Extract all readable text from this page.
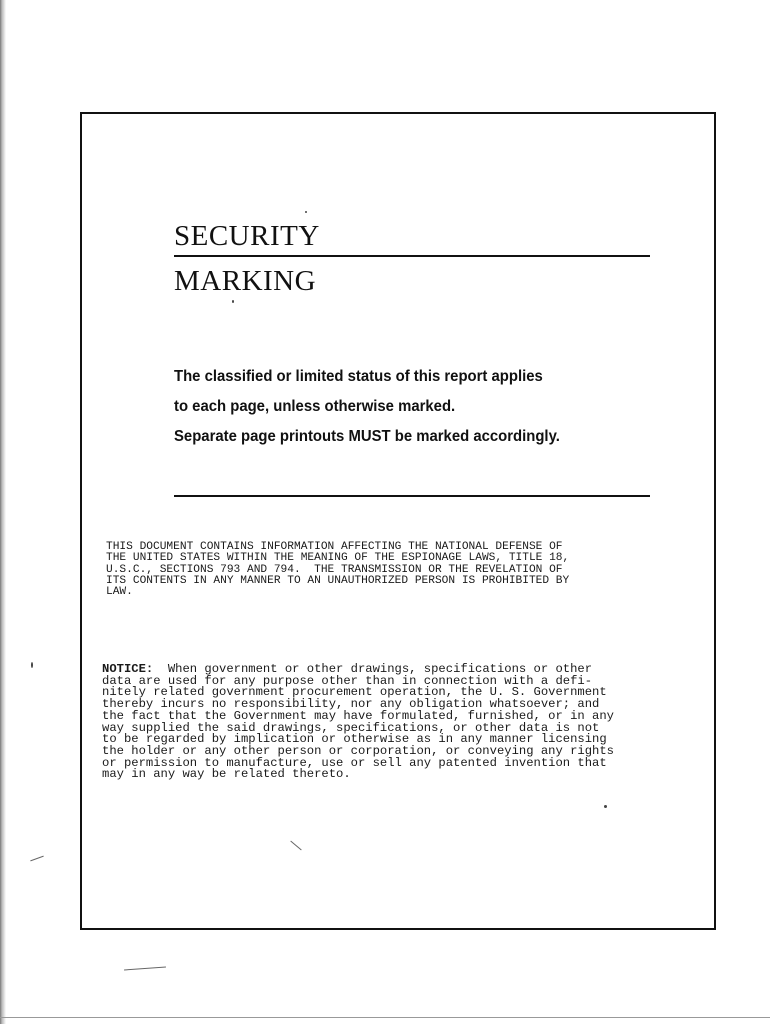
SECURITY

MARKING

The classified or limited status of this report applies

to each page, unless otherwise marked.

Separate page printouts MUST be marked accordingly.

THIS DOCUMENT CONTAINS INFORMATION AFFECTING THE NATIONAL DEFENSE OF
THE UNITED STATES WITHIN THE MEANING OF THE ESPIONAGE LAWS, TITLE 18,
U.S.C., SECTIONS 793 AND 794.  THE TRANSMISSION OR THE REVELATION OF
ITS CONTENTS IN ANY MANNER TO AN UNAUTHORIZED PERSON IS PROHIBITED BY
LAW.
NOTICE:  When government or other drawings, specifications or other
data are used for any purpose other than in connection with a defi-
nitely related government procurement operation, the U. S. Government
thereby incurs no responsibility, nor any obligation whatsoever; and
the fact that the Government may have formulated, furnished, or in any
way supplied the said drawings, specifications, or other data is not
to be regarded by implication or otherwise as in any manner licensing
the holder or any other person or corporation, or conveying any rights
or permission to manufacture, use or sell any patented invention that
may in any way be related thereto.
